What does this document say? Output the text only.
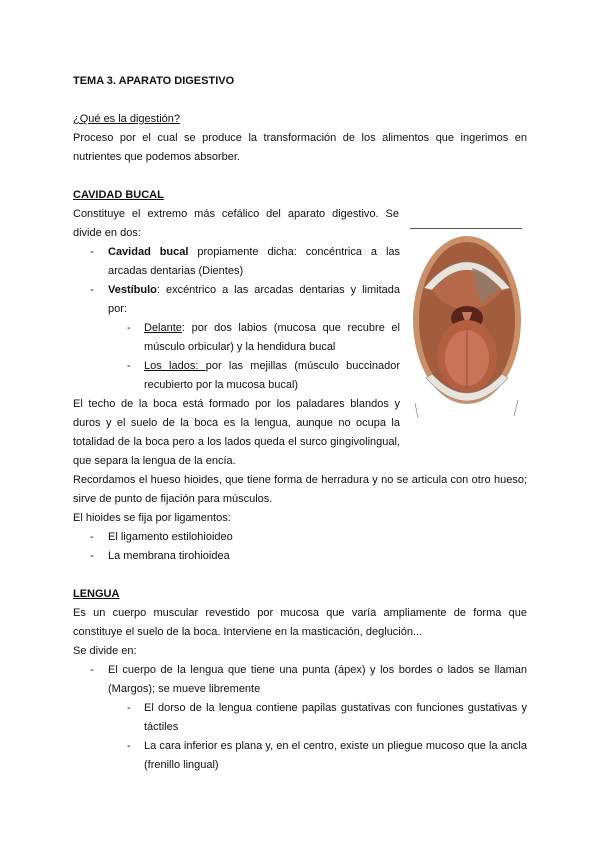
TEMA 3. APARATO DIGESTIVO
¿Qué es la digestión?
Proceso por el cual se produce la transformación de los alimentos que ingerimos en nutrientes que podemos absorber.
CAVIDAD BUCAL
Constituye el extremo más cefálico del aparato digestivo. Se divide en dos:
- Cavidad bucal propiamente dicha: concéntrica a las arcadas dentarias (Dientes)
- Vestíbulo: excéntrico a las arcadas dentarias y limitada por:
- Delante: por dos labios (mucosa que recubre el músculo orbicular) y la hendidura bucal
- Los lados: por las mejillas (músculo buccinador recubierto por la mucosa bucal)
El techo de la boca está formado por los paladares blandos y duros y el suelo de la boca es la lengua, aunque no ocupa la totalidad de la boca pero a los lados queda el surco gingivolingual, que separa la lengua de la encía.
Recordamos el hueso hioides, que tiene forma de herradura y no se articula con otro hueso; sirve de punto de fijación para músculos.
El hioides se fija por ligamentos:
- El ligamento estilohioideo
- La membrana tirohioidea
LENGUA
Es un cuerpo muscular revestido por mucosa que varía ampliamente de forma que constituye el suelo de la boca. Interviene en la masticación, deglución...
Se divide en:
- El cuerpo de la lengua que tiene una punta (ápex) y los bordes o lados se llaman (Margos); se mueve libremente
- El dorso de la lengua contiene papilas gustativas con funciones gustativas y táctiles
- La cara inferior es plana y, en el centro, existe un pliegue mucoso que la ancla (frenillo lingual)
